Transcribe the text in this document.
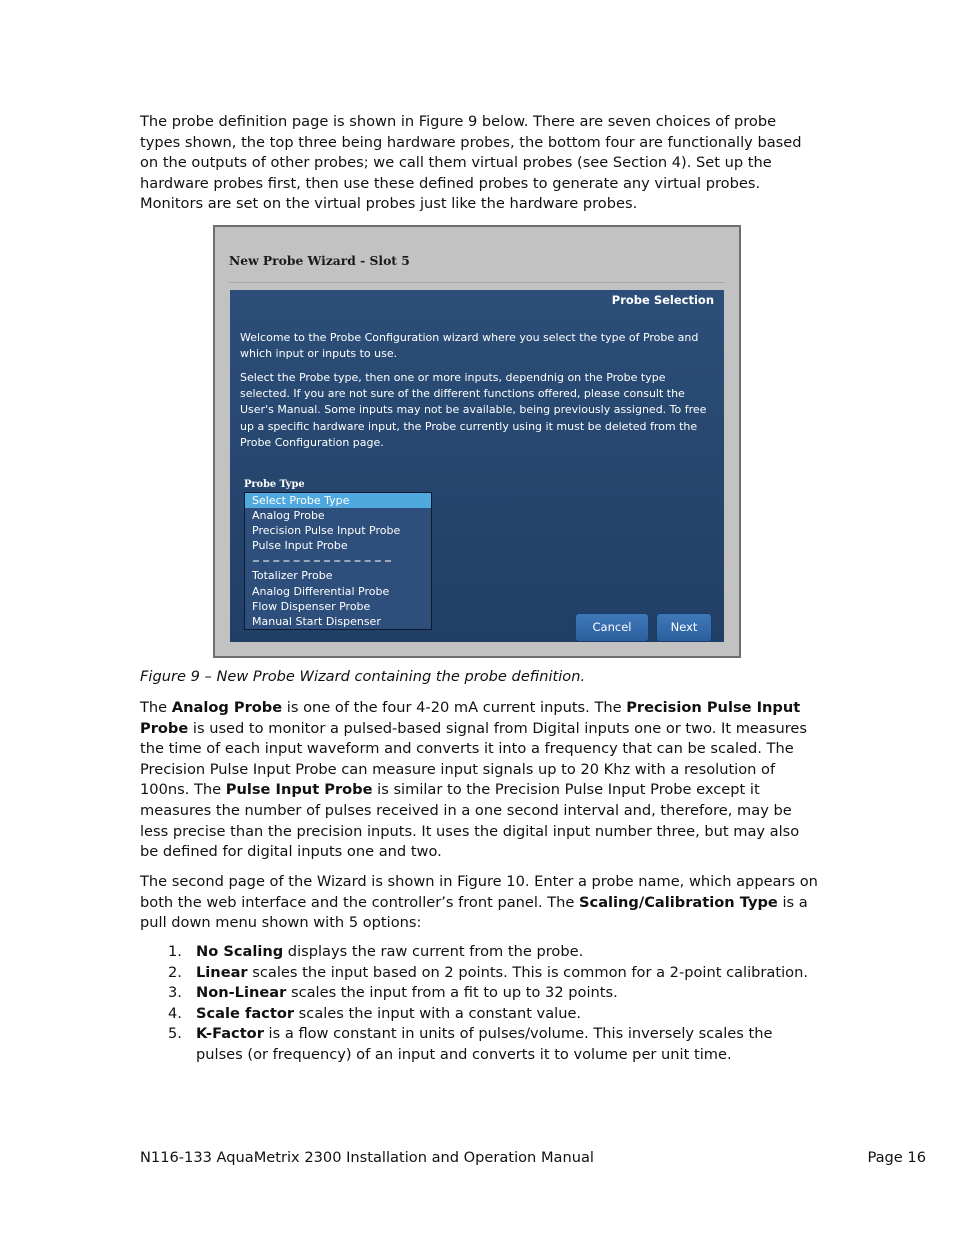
The probe definition page is shown in Figure 9 below. There are seven choices of probe types shown, the top three being hardware probes, the bottom four are functionally based on the outputs of other probes; we call them virtual probes (see Section 4). Set up the hardware probes first, then use these defined probes to generate any virtual probes. Monitors are set on the virtual probes just like the hardware probes.

New Probe Wizard - Slot 5
Probe Selection

Welcome to the Probe Configuration wizard where you select the type of Probe and which input or inputs to use.

Select the Probe type, then one or more inputs, dependnig on the Probe type selected. If you are not sure of the different functions offered, please consult the User's Manual. Some inputs may not be available, being previously assigned. To free up a specific hardware input, the Probe currently using it must be deleted from the Probe Configuration page.

Probe Type
Select Probe Type
Analog Probe
Precision Pulse Input Probe
Pulse Input Probe
Totalizer Probe
Analog Differential Probe
Flow Dispenser Probe
Manual Start Dispenser	Cancel	Next

Figure 9 – New Probe Wizard containing the probe definition.

The Analog Probe is one of the four 4-20 mA current inputs. The Precision Pulse Input Probe is used to monitor a pulsed-based signal from Digital inputs one or two. It measures the time of each input waveform and converts it into a frequency that can be scaled. The Precision Pulse Input Probe can measure input signals up to 20 Khz with a resolution of 100ns. The Pulse Input Probe is similar to the Precision Pulse Input Probe except it measures the number of pulses received in a one second interval and, therefore, may be less precise than the precision inputs. It uses the digital input number three, but may also be defined for digital inputs one and two.

The second page of the Wizard is shown in Figure 10. Enter a probe name, which appears on both the web interface and the controller’s front panel. The Scaling/Calibration Type is a pull down menu shown with 5 options:

1. No Scaling displays the raw current from the probe.
2. Linear scales the input based on 2 points. This is common for a 2-point calibration.
3. Non-Linear scales the input from a fit to up to 32 points.
4. Scale factor scales the input with a constant value.
5. K-Factor is a flow constant in units of pulses/volume. This inversely scales the pulses (or frequency) of an input and converts it to volume per unit time.
N116-133 AquaMetrix 2300 Installation and Operation Manual	Page 16
